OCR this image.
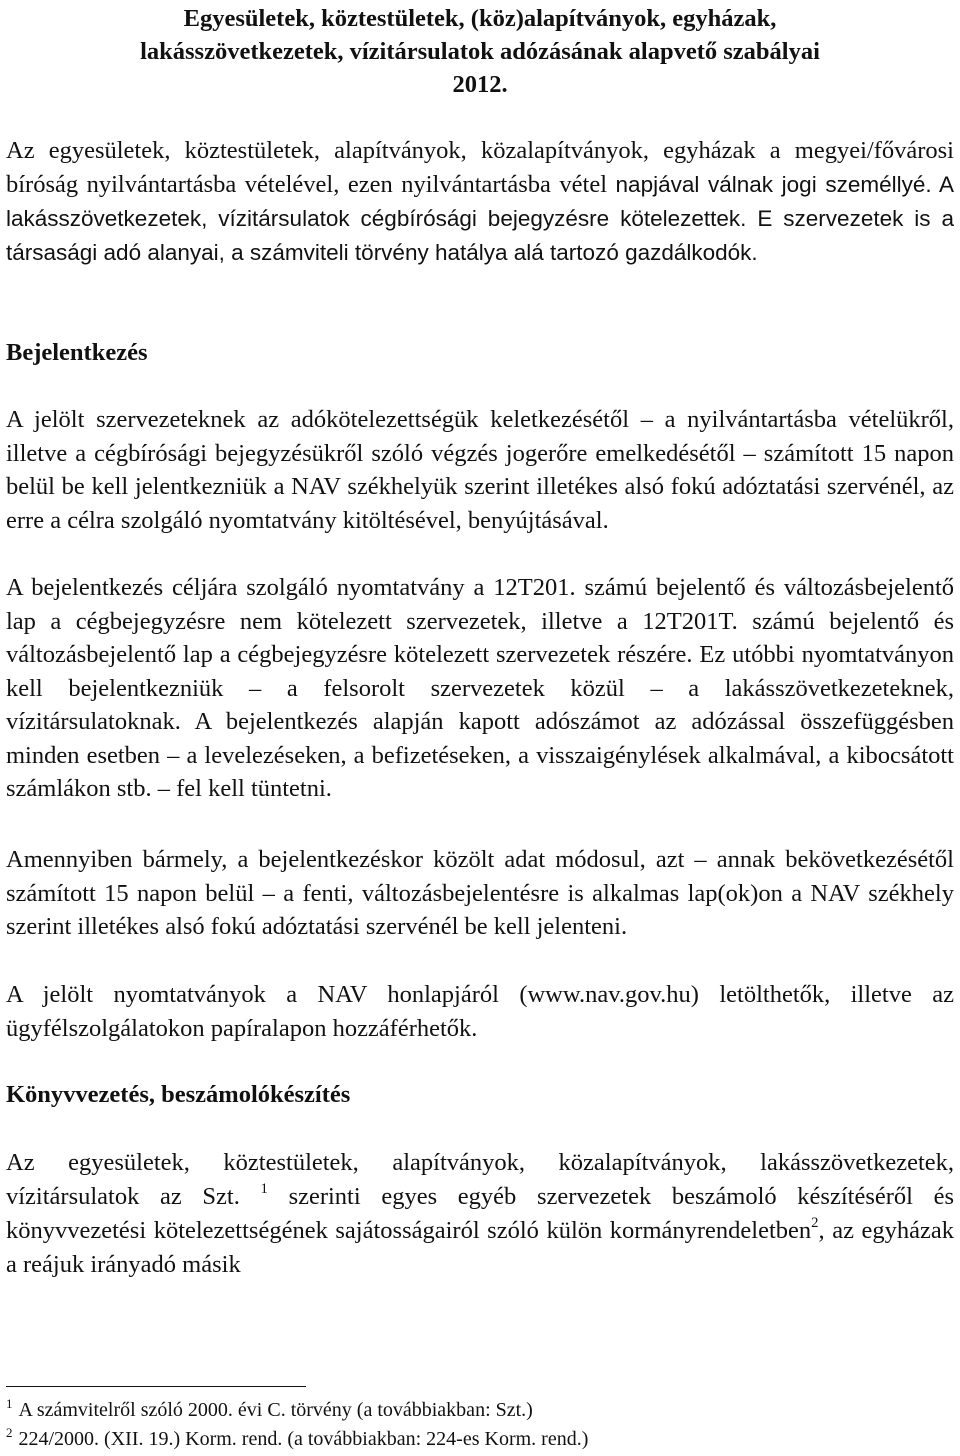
Egyesületek, köztestületek, (köz)alapítványok, egyházak,
lakásszövetkezetek, vízitársulatok adózásának alapvető szabályai
2012.

Az egyesületek, köztestületek, alapítványok, közalapítványok, egyházak a megyei/fővárosi bíróság nyilvántartásba vételével, ezen nyilvántartásba vétel napjával válnak jogi személlyé. A lakásszövetkezetek, vízitársulatok cégbírósági bejegyzésre kötelezettek. E szervezetek is a társasági adó alanyai, a számviteli törvény hatálya alá tartozó gazdálkodók.

Bejelentkezés

A jelölt szervezeteknek az adókötelezettségük keletkezésétől – a nyilvántartásba vételükről, illetve a cégbírósági bejegyzésükről szóló végzés jogerőre emelkedésétől – számított 15 napon belül be kell jelentkezniük a NAV székhelyük szerint illetékes alsó fokú adóztatási szervénél, az erre a célra szolgáló nyomtatvány kitöltésével, benyújtásával.

A bejelentkezés céljára szolgáló nyomtatvány a 12T201. számú bejelentő és változásbejelentő lap a cégbejegyzésre nem kötelezett szervezetek, illetve a 12T201T. számú bejelentő és változásbejelentő lap a cégbejegyzésre kötelezett szervezetek részére. Ez utóbbi nyomtatványon kell bejelentkezniük – a felsorolt szervezetek közül – a lakásszövetkezeteknek, vízitársulatoknak. A bejelentkezés alapján kapott adószámot az adózással összefüggésben minden esetben – a levelezéseken, a befizetéseken, a visszaigénylések alkalmával, a kibocsátott számlákon stb. – fel kell tüntetni.

Amennyiben bármely, a bejelentkezéskor közölt adat módosul, azt – annak bekövetkezésétől számított 15 napon belül – a fenti, változásbejelentésre is alkalmas lap(ok)on a NAV székhely szerint illetékes alsó fokú adóztatási szervénél be kell jelenteni.

A jelölt nyomtatványok a NAV honlapjáról (www.nav.gov.hu) letölthetők, illetve az ügyfélszolgálatokon papíralapon hozzáférhetők.

Könyvvezetés, beszámolókészítés

Az egyesületek, köztestületek, alapítványok, közalapítványok, lakásszövetkezetek, vízitársulatok az Szt. $^1$ szerinti egyes egyéb szervezetek beszámoló készítéséről és könyvvezetési kötelezettségének sajátosságairól szóló külön kormányrendeletben$^2$, az egyházak a reájuk irányadó másik

$^1$ A számvitelről szóló 2000. évi C. törvény (a továbbiakban: Szt.)

$^2$ 224/2000. (XII. 19.) Korm. rend. (a továbbiakban: 224-es Korm. rend.)
